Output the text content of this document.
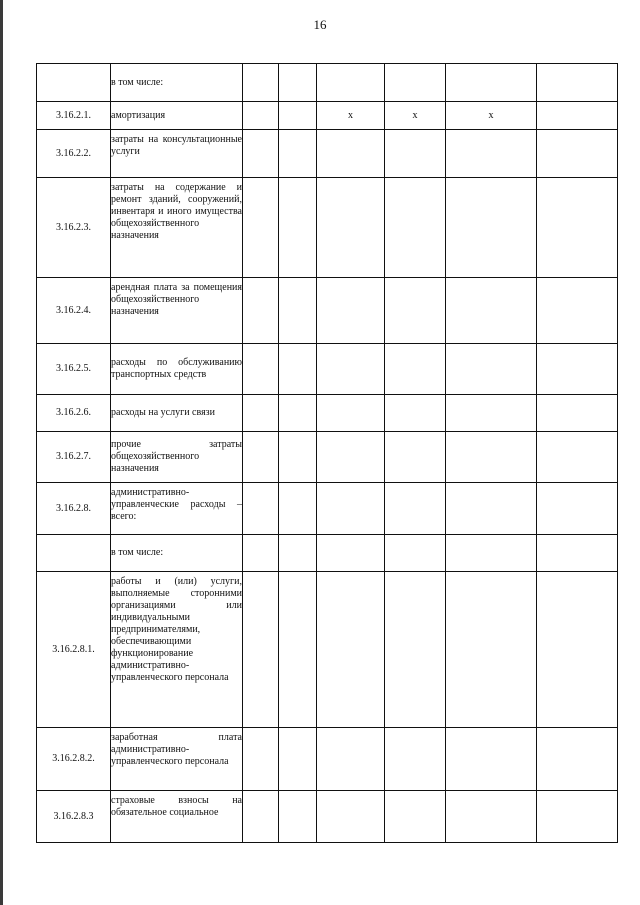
16
	в том числе:						
3.16.2.1.	амортизация			x	x	x	
3.16.2.2.	затраты на консультационные услуги						
3.16.2.3.	затраты на содержание и ремонт зданий, сооружений, инвентаря и иного имущества общехозяйственного назначения						
3.16.2.4.	арендная плата за помещения общехозяйственного назначения						
3.16.2.5.	расходы по обслуживанию транспортных средств						
3.16.2.6.	расходы на услуги связи						
3.16.2.7.	прочие затраты общехозяйственного назначения						
3.16.2.8.	административно-управленческие расходы – всего:						
	в том числе:						
3.16.2.8.1.	работы и (или) услуги, выполняемые сторонними организациями или индивидуальными предпринимателями, обеспечивающими функционирование административно-управленческого персонала						
3.16.2.8.2.	заработная плата административно-управленческого персонала						
3.16.2.8.3	страховые взносы на обязательное социальное						
